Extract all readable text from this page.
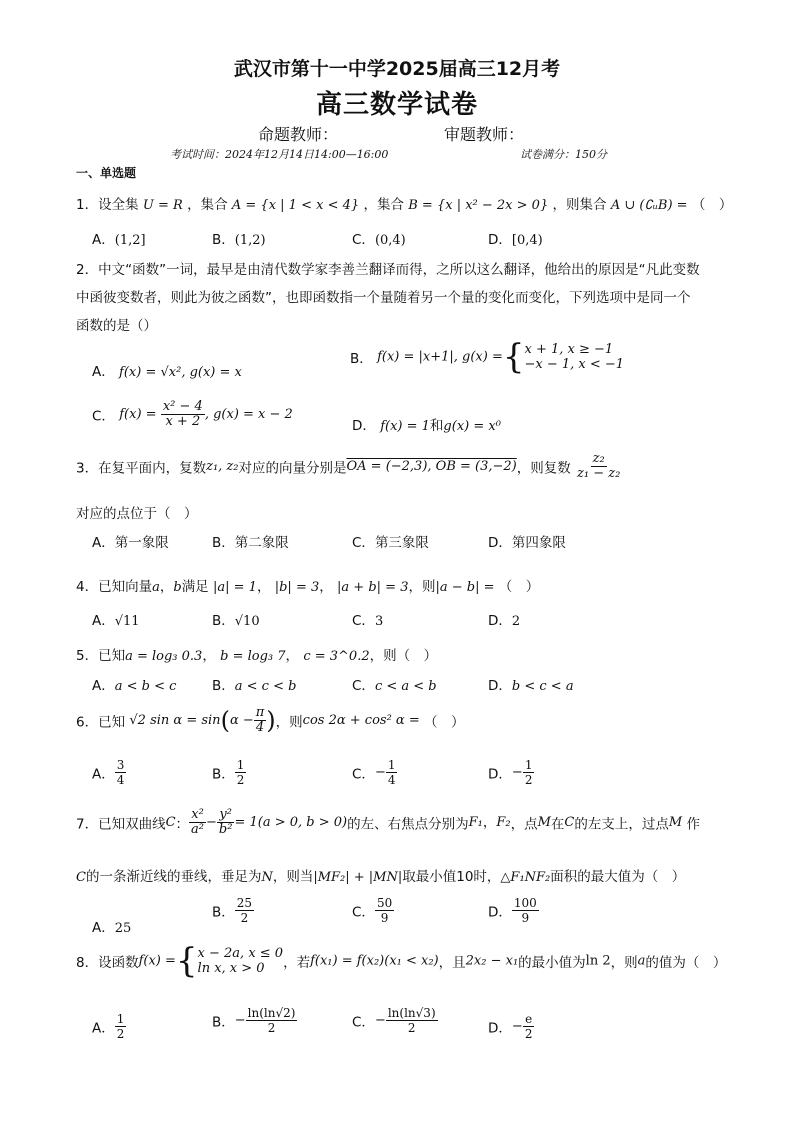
武汉市第十一中学2025届高三12月考
高三数学试卷
命题教师：	审题教师：
考试时间：2024年12月14日14:00—16:00	试卷满分：150分
一、单选题
1．设全集 U = R ，集合 A = {x | 1 < x < 4} ，集合 B = {x | x² − 2x > 0} ，则集合 A ∪ (∁ᵤB) = （　）
A．(1,2]	B．(1,2)	C．(0,4)	D．[0,4)
2．中文“函数”一词，最早是由清代数学家李善兰翻译而得，之所以这么翻译，他给出的原因是“凡此变数
中函彼变数者，则此为彼之函数”，也即函数指一个量随着另一个量的变化而变化，下列选项中是同一个
函数的是（）
A． f(x) = √x², g(x) = x
B． f(x) = |x+1|, g(x) ={ x + 1, x ≥ −1
−x − 1, x < −1
C． $f(x) = \frac{\text{x² − 4}}{x + 2}$ , g(x) = x − 2
D． f(x) = 1和g(x) = x⁰
3．在复平面内，复数z₁, z₂对应的向量分别是OA = (−2,3), OB = (3,−2)，则复数 $\frac{\text{z₂}}{\text{z₁ − z₂}}$
对应的点位于（　）
A．第一象限	B．第二象限	C．第三象限	D．第四象限
4．已知向量a，b满足 |a| = 1， |b| = 3， |a + b| = 3，则|a − b| = （　）
A．√11	B．√10	C．3	D．2
5．已知a = log₃ 0.3， b = log₃ 7， c = 3^0.2，则（　）
A．a < b < c	B．a < c < b	C．c < a < b	D．b < c < a
6．已知 √2 $\sin \alpha = \sin(\alpha - \frac{\pi}{4}$ )，则cos 2α + cos² α = （　）
A． $\frac{3}{4}$	B． $\frac{1}{2}$	C．− $\frac{1}{4}$	D．− $\frac{1}{2}$
7．已知双曲线C： $\frac{\text{x²}}{\text{a²}} - \frac{\text{y²}}{\text{b²}} = 1(a > 0$, b > 0)的左、右焦点分别为F₁，F₂，点M在C的左支上，过点M 作
C的一条渐近线的垂线，垂足为N，则当|MF₂| + |MN|取最小值10时，△F₁NF₂面积的最大值为（　）
A．25
B． $\frac{25}{2}$	C． $\frac{50}{9}$	D． $\frac{100}{9}$
8．设函数f(x) ={ x − 2a, x ≤ 0
ln x, x > 0	，若f(x₁) = f(x₂)(x₁ < x₂)，且2x₂ − x₁的最小值为ln 2，则a的值为（　）
A． $\frac{1}{2}$	B．− $\frac{\ln(\ln√2)}{2}$	C．− $\frac{\ln(\ln√3)}{2}$	D．− $\frac{e}{2}$
